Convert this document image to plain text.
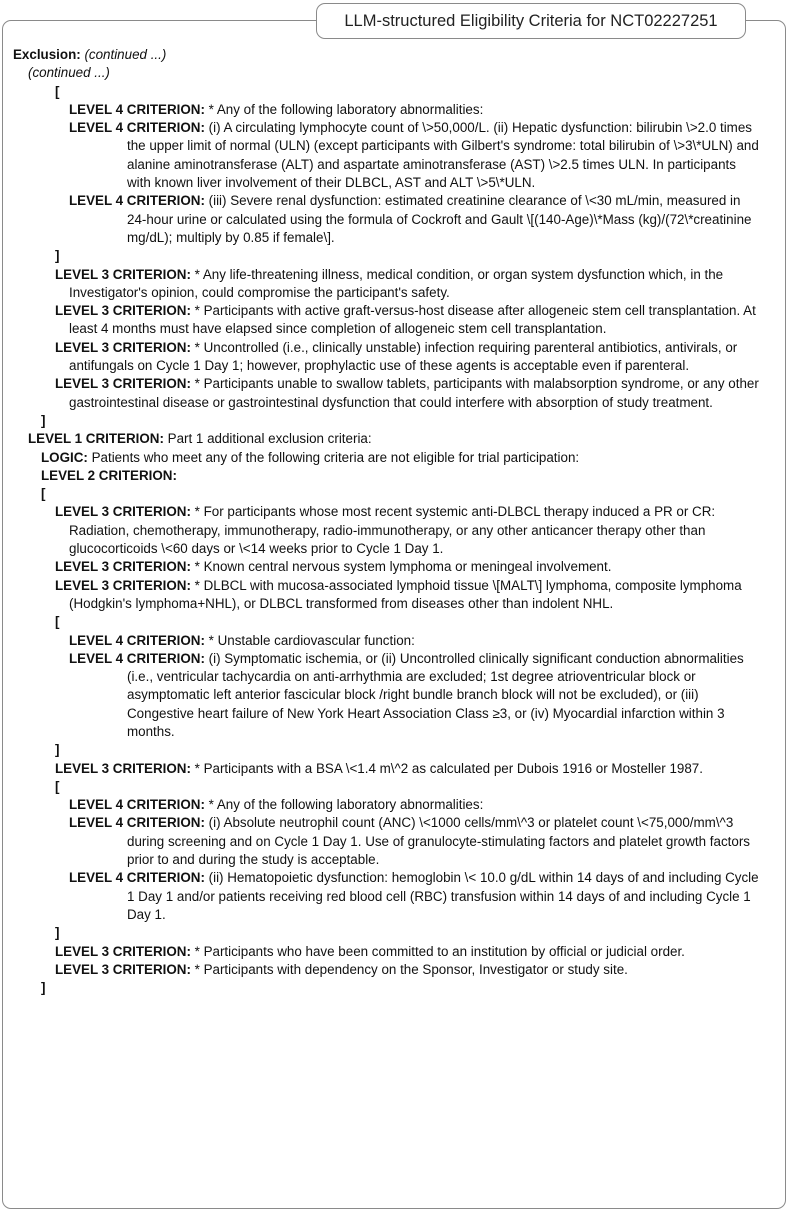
LLM-structured Eligibility Criteria for NCT02227251
Exclusion: (continued ...)
(continued ...)
[
LEVEL 4 CRITERION: * Any of the following laboratory abnormalities:
LEVEL 4 CRITERION: (i) A circulating lymphocyte count of \>50,000/L. (ii) Hepatic dysfunction: bilirubin \>2.0 times the upper limit of normal (ULN) (except participants with Gilbert's syndrome: total bilirubin of \>3\*ULN) and alanine aminotransferase (ALT) and aspartate aminotransferase (AST) \>2.5 times ULN. In participants with known liver involvement of their DLBCL, AST and ALT \>5\*ULN.
LEVEL 4 CRITERION: (iii) Severe renal dysfunction: estimated creatinine clearance of \<30 mL/min, measured in 24-hour urine or calculated using the formula of Cockroft and Gault \[(140-Age)\*Mass (kg)/(72\*creatinine mg/dL); multiply by 0.85 if female\].
]
LEVEL 3 CRITERION: * Any life-threatening illness, medical condition, or organ system dysfunction which, in the Investigator's opinion, could compromise the participant's safety.
LEVEL 3 CRITERION: * Participants with active graft-versus-host disease after allogeneic stem cell transplantation. At least 4 months must have elapsed since completion of allogeneic stem cell transplantation.
LEVEL 3 CRITERION: * Uncontrolled (i.e., clinically unstable) infection requiring parenteral antibiotics, antivirals, or antifungals on Cycle 1 Day 1; however, prophylactic use of these agents is acceptable even if parenteral.
LEVEL 3 CRITERION: * Participants unable to swallow tablets, participants with malabsorption syndrome, or any other gastrointestinal disease or gastrointestinal dysfunction that could interfere with absorption of study treatment.
]
LEVEL 1 CRITERION: Part 1 additional exclusion criteria:
LOGIC: Patients who meet any of the following criteria are not eligible for trial participation:
LEVEL 2 CRITERION:
[
LEVEL 3 CRITERION: * For participants whose most recent systemic anti-DLBCL therapy induced a PR or CR: Radiation, chemotherapy, immunotherapy, radio-immunotherapy, or any other anticancer therapy other than glucocorticoids \<60 days or \<14 weeks prior to Cycle 1 Day 1.
LEVEL 3 CRITERION: * Known central nervous system lymphoma or meningeal involvement.
LEVEL 3 CRITERION: * DLBCL with mucosa-associated lymphoid tissue \[MALT\] lymphoma, composite lymphoma (Hodgkin's lymphoma+NHL), or DLBCL transformed from diseases other than indolent NHL.
[
LEVEL 4 CRITERION: * Unstable cardiovascular function:
LEVEL 4 CRITERION: (i) Symptomatic ischemia, or (ii) Uncontrolled clinically significant conduction abnormalities (i.e., ventricular tachycardia on anti-arrhythmia are excluded; 1st degree atrioventricular block or asymptomatic left anterior fascicular block /right bundle branch block will not be excluded), or (iii) Congestive heart failure of New York Heart Association Class ≥3, or (iv) Myocardial infarction within 3 months.
]
LEVEL 3 CRITERION: * Participants with a BSA \<1.4 m\^2 as calculated per Dubois 1916 or Mosteller 1987.
[
LEVEL 4 CRITERION: * Any of the following laboratory abnormalities:
LEVEL 4 CRITERION: (i) Absolute neutrophil count (ANC) \<1000 cells/mm\^3 or platelet count \<75,000/mm\^3 during screening and on Cycle 1 Day 1. Use of granulocyte-stimulating factors and platelet growth factors prior to and during the study is acceptable.
LEVEL 4 CRITERION: (ii) Hematopoietic dysfunction: hemoglobin \< 10.0 g/dL within 14 days of and including Cycle 1 Day 1 and/or patients receiving red blood cell (RBC) transfusion within 14 days of and including Cycle 1 Day 1.
]
LEVEL 3 CRITERION: * Participants who have been committed to an institution by official or judicial order.
LEVEL 3 CRITERION: * Participants with dependency on the Sponsor, Investigator or study site.
]
